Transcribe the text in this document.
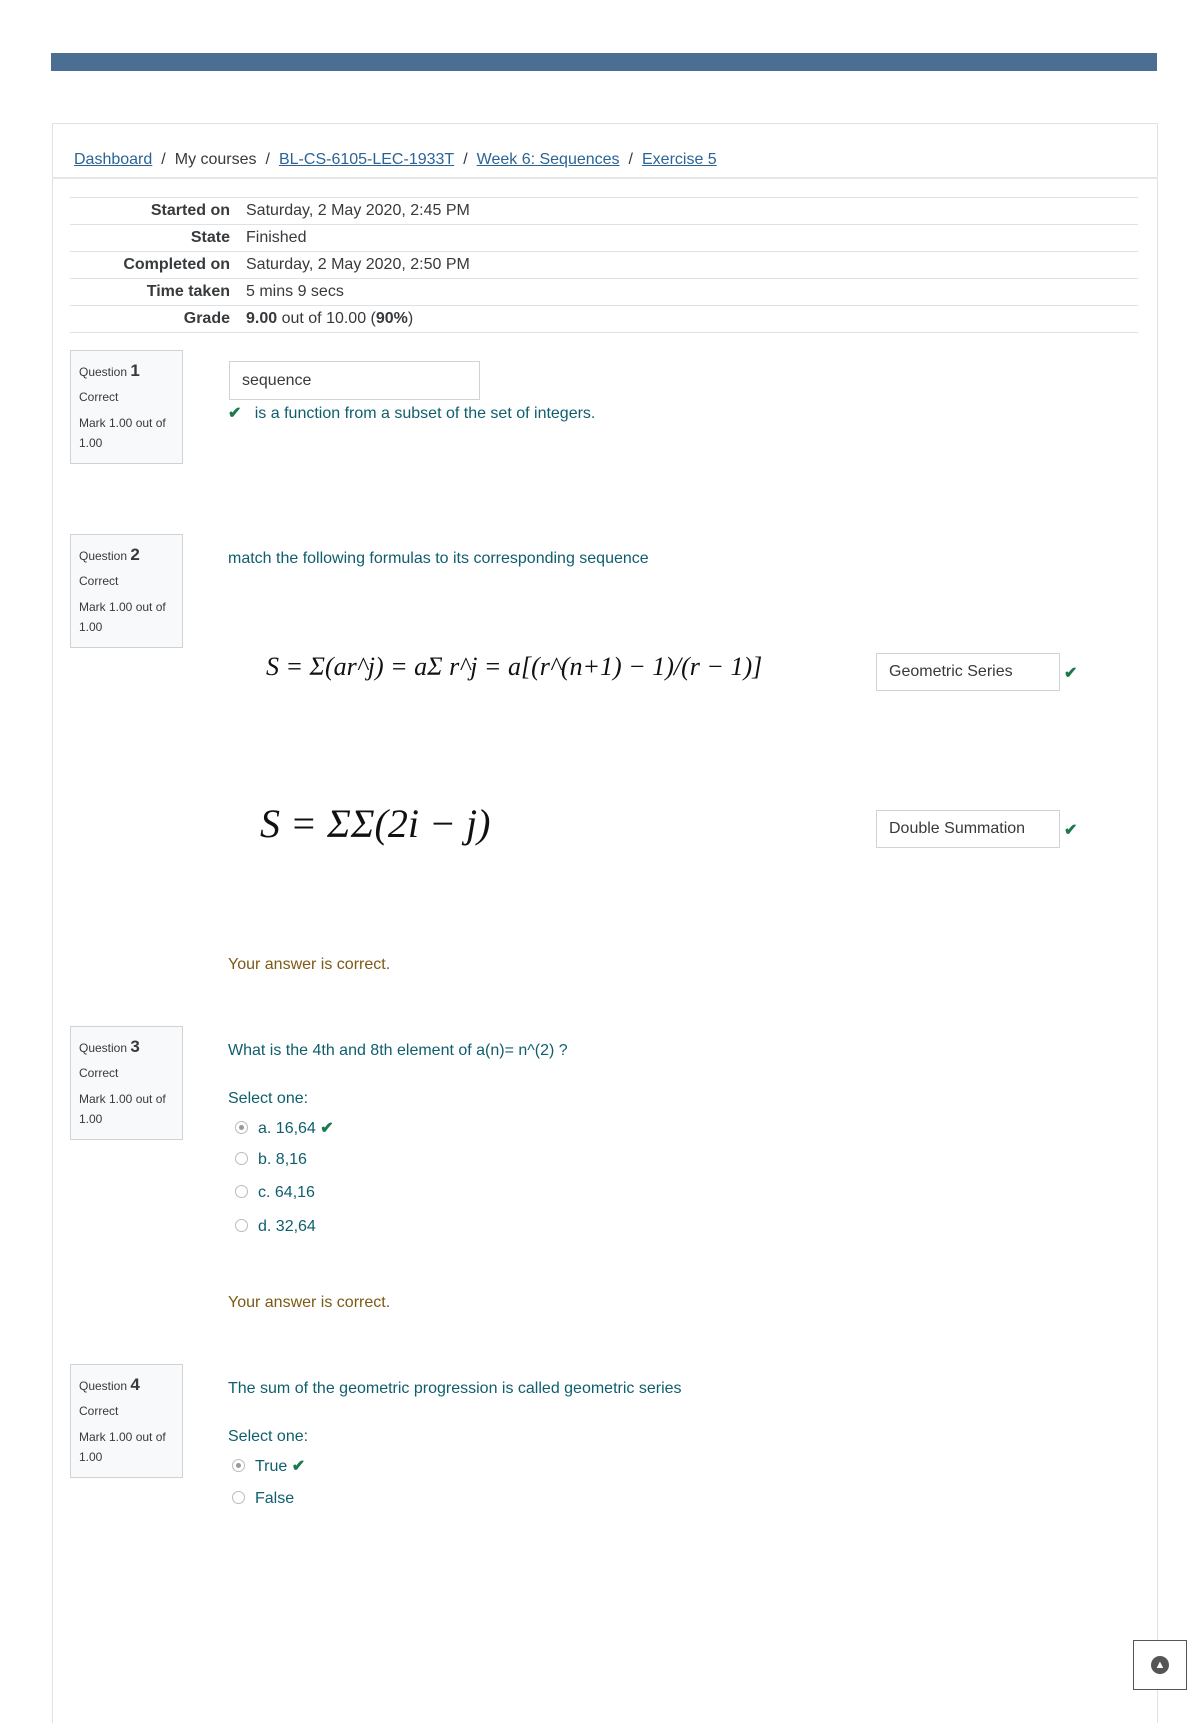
Dashboard / My courses / BL-CS-6105-LEC-1933T / Week 6: Sequences / Exercise 5
Started on	Saturday, 2 May 2020, 2:45 PM
State	Finished
Completed on	Saturday, 2 May 2020, 2:50 PM
Time taken	5 mins 9 secs
Grade	9.00 out of 10.00 (90%)
Question 1
Correct
Mark 1.00 out of 1.00
sequence
✔ is a function from a subset of the set of integers.
Question 2
Correct
Mark 1.00 out of 1.00
match the following formulas to its corresponding sequence
S = Σ(ar^j) = aΣ r^j = a[(r^(n+1) − 1)/(r − 1)]	Geometric Series	✔
S = ΣΣ(2i − j)	Double Summation	✔
Your answer is correct.
Question 3
Correct
Mark 1.00 out of 1.00
What is the 4th and 8th element of a(n)= n^(2) ?
Select one:
a. 16,64 ✔
b. 8,16
c. 64,16
d. 32,64
Your answer is correct.
Question 4
Correct
Mark 1.00 out of 1.00
The sum of the geometric progression is called geometric series
Select one:
True ✔
False
▲
